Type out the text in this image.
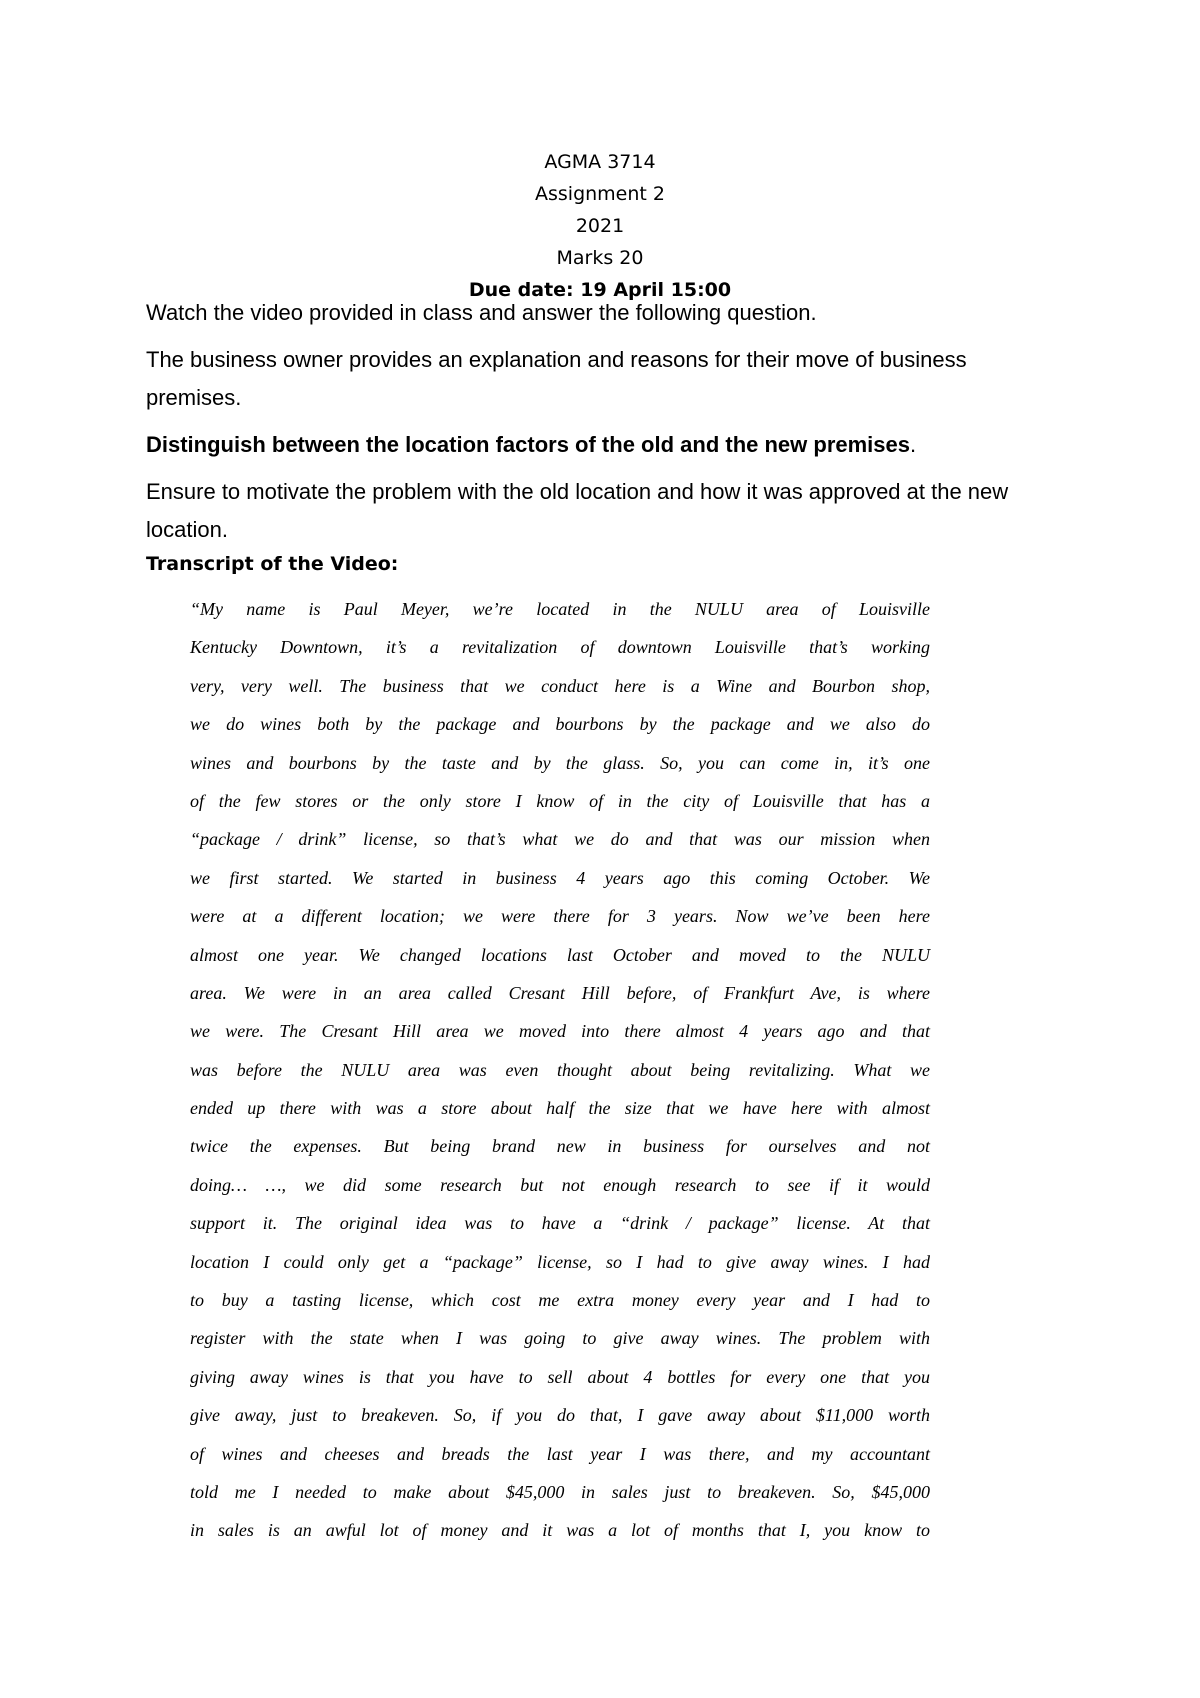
AGMA 3714
Assignment 2
2021
Marks 20
Due date: 19 April 15:00

Watch the video provided in class and answer the following question.

The business owner provides an explanation and reasons for their move of business premises.

Distinguish between the location factors of the old and the new premises.

Ensure to motivate the problem with the old location and how it was approved at the new location.

Transcript of the Video:
“My name is Paul Meyer, we’re located in the NULU area of Louisville
Kentucky Downtown, it’s a revitalization of downtown Louisville that’s working
very, very well. The business that we conduct here is a Wine and Bourbon shop,
we do wines both by the package and bourbons by the package and we also do
wines and bourbons by the taste and by the glass. So, you can come in, it’s one
of the few stores or the only store I know of in the city of Louisville that has a
“package / drink” license, so that’s what we do and that was our mission when
we first started. We started in business 4 years ago this coming October. We
were at a different location; we were there for 3 years. Now we’ve been here
almost one year. We changed locations last October and moved to the NULU
area. We were in an area called Cresant Hill before, of Frankfurt Ave, is where
we were. The Cresant Hill area we moved into there almost 4 years ago and that
was before the NULU area was even thought about being revitalizing. What we
ended up there with was a store about half the size that we have here with almost
twice the expenses. But being brand new in business for ourselves and not
doing… …, we did some research but not enough research to see if it would
support it. The original idea was to have a “drink / package” license. At that
location I could only get a “package” license, so I had to give away wines. I had
to buy a tasting license, which cost me extra money every year and I had to
register with the state when I was going to give away wines. The problem with
giving away wines is that you have to sell about 4 bottles for every one that you
give away, just to breakeven. So, if you do that, I gave away about $11,000 worth
of wines and cheeses and breads the last year I was there, and my accountant
told me I needed to make about $45,000 in sales just to breakeven. So, $45,000
in sales is an awful lot of money and it was a lot of months that I, you know to
